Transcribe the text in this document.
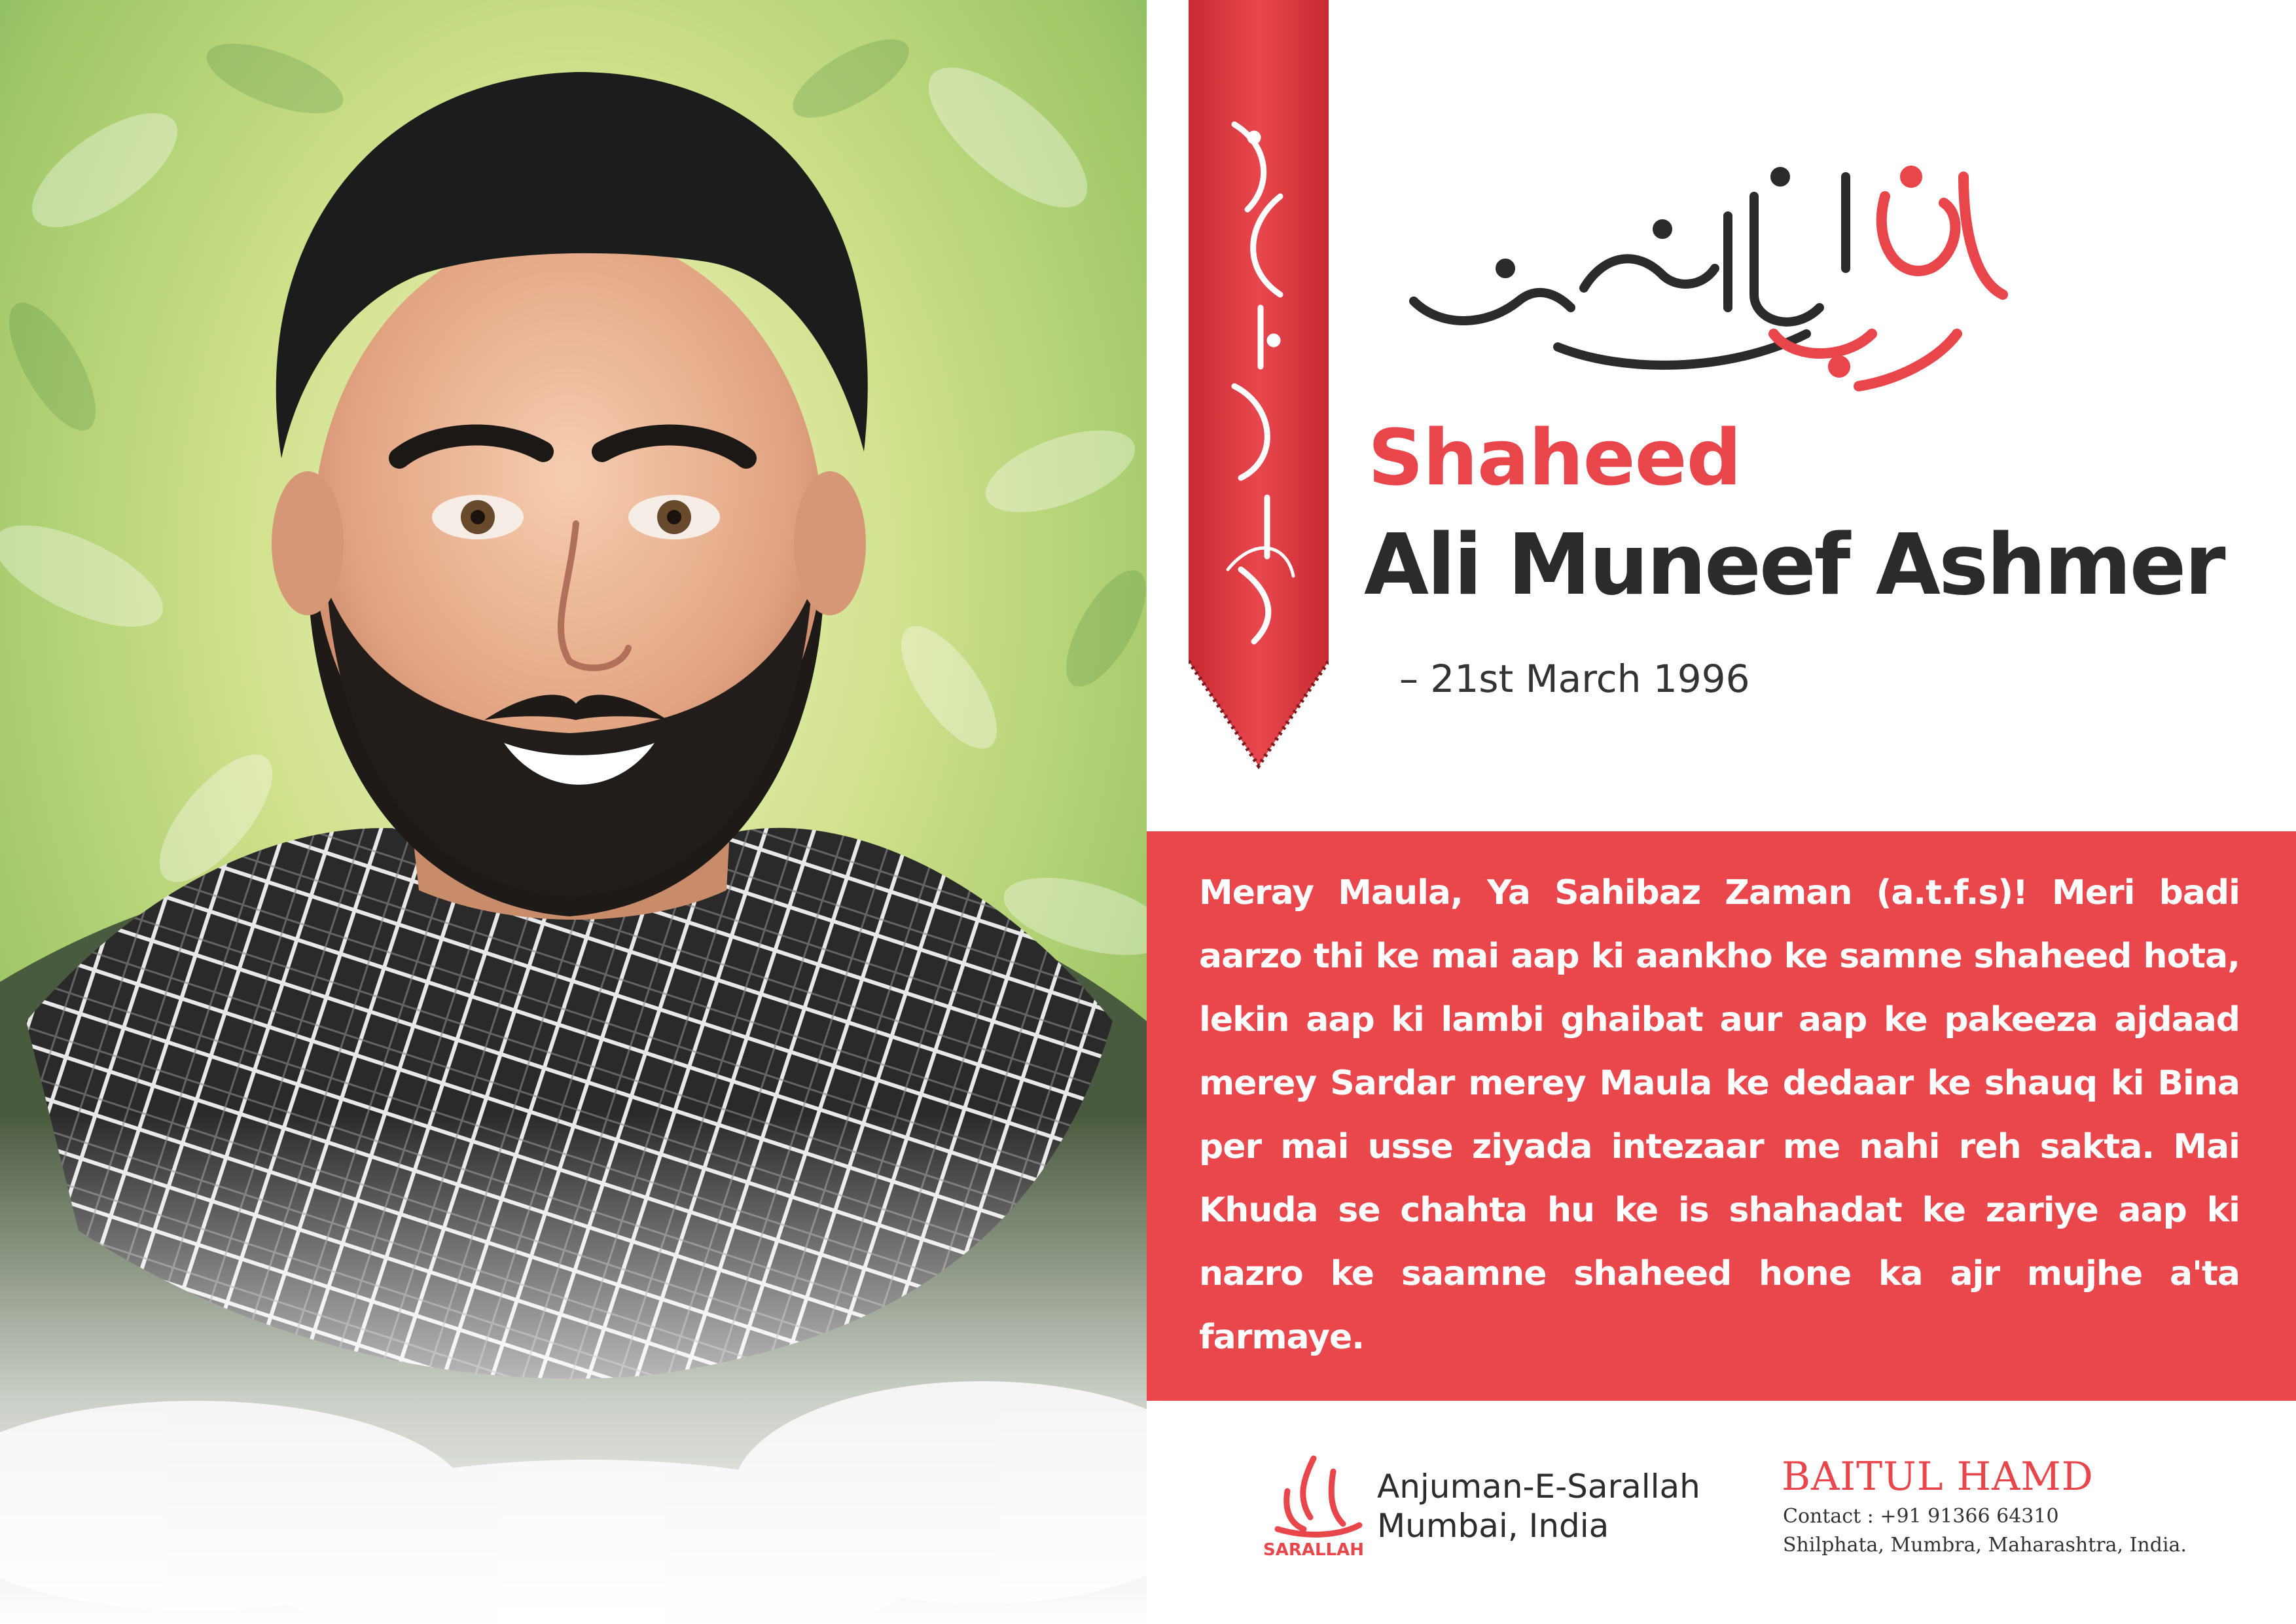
Shaheed
Ali Muneef Ashmer
– 21st March 1996

Meray Maula, Ya Sahibaz Zaman (a.t.f.s)! Meri badi aarzo thi ke mai aap ki aankho ke samne shaheed hota, lekin aap ki lambi ghaibat aur aap ke pakeeza ajdaad merey Sardar merey Maula ke dedaar ke shauq ki Bina per mai usse ziyada intezaar me nahi reh sakta. Mai Khuda se chahta hu ke is shahadat ke zariye aap ki nazro ke saamne shaheed hone ka ajr mujhe a'ta farmaye.

SARALLAH
Anjuman-E-Sarallah
Mumbai, India
BAITUL HAMD
Contact : +91 91366 64310
Shilphata, Mumbra, Maharashtra, India.
